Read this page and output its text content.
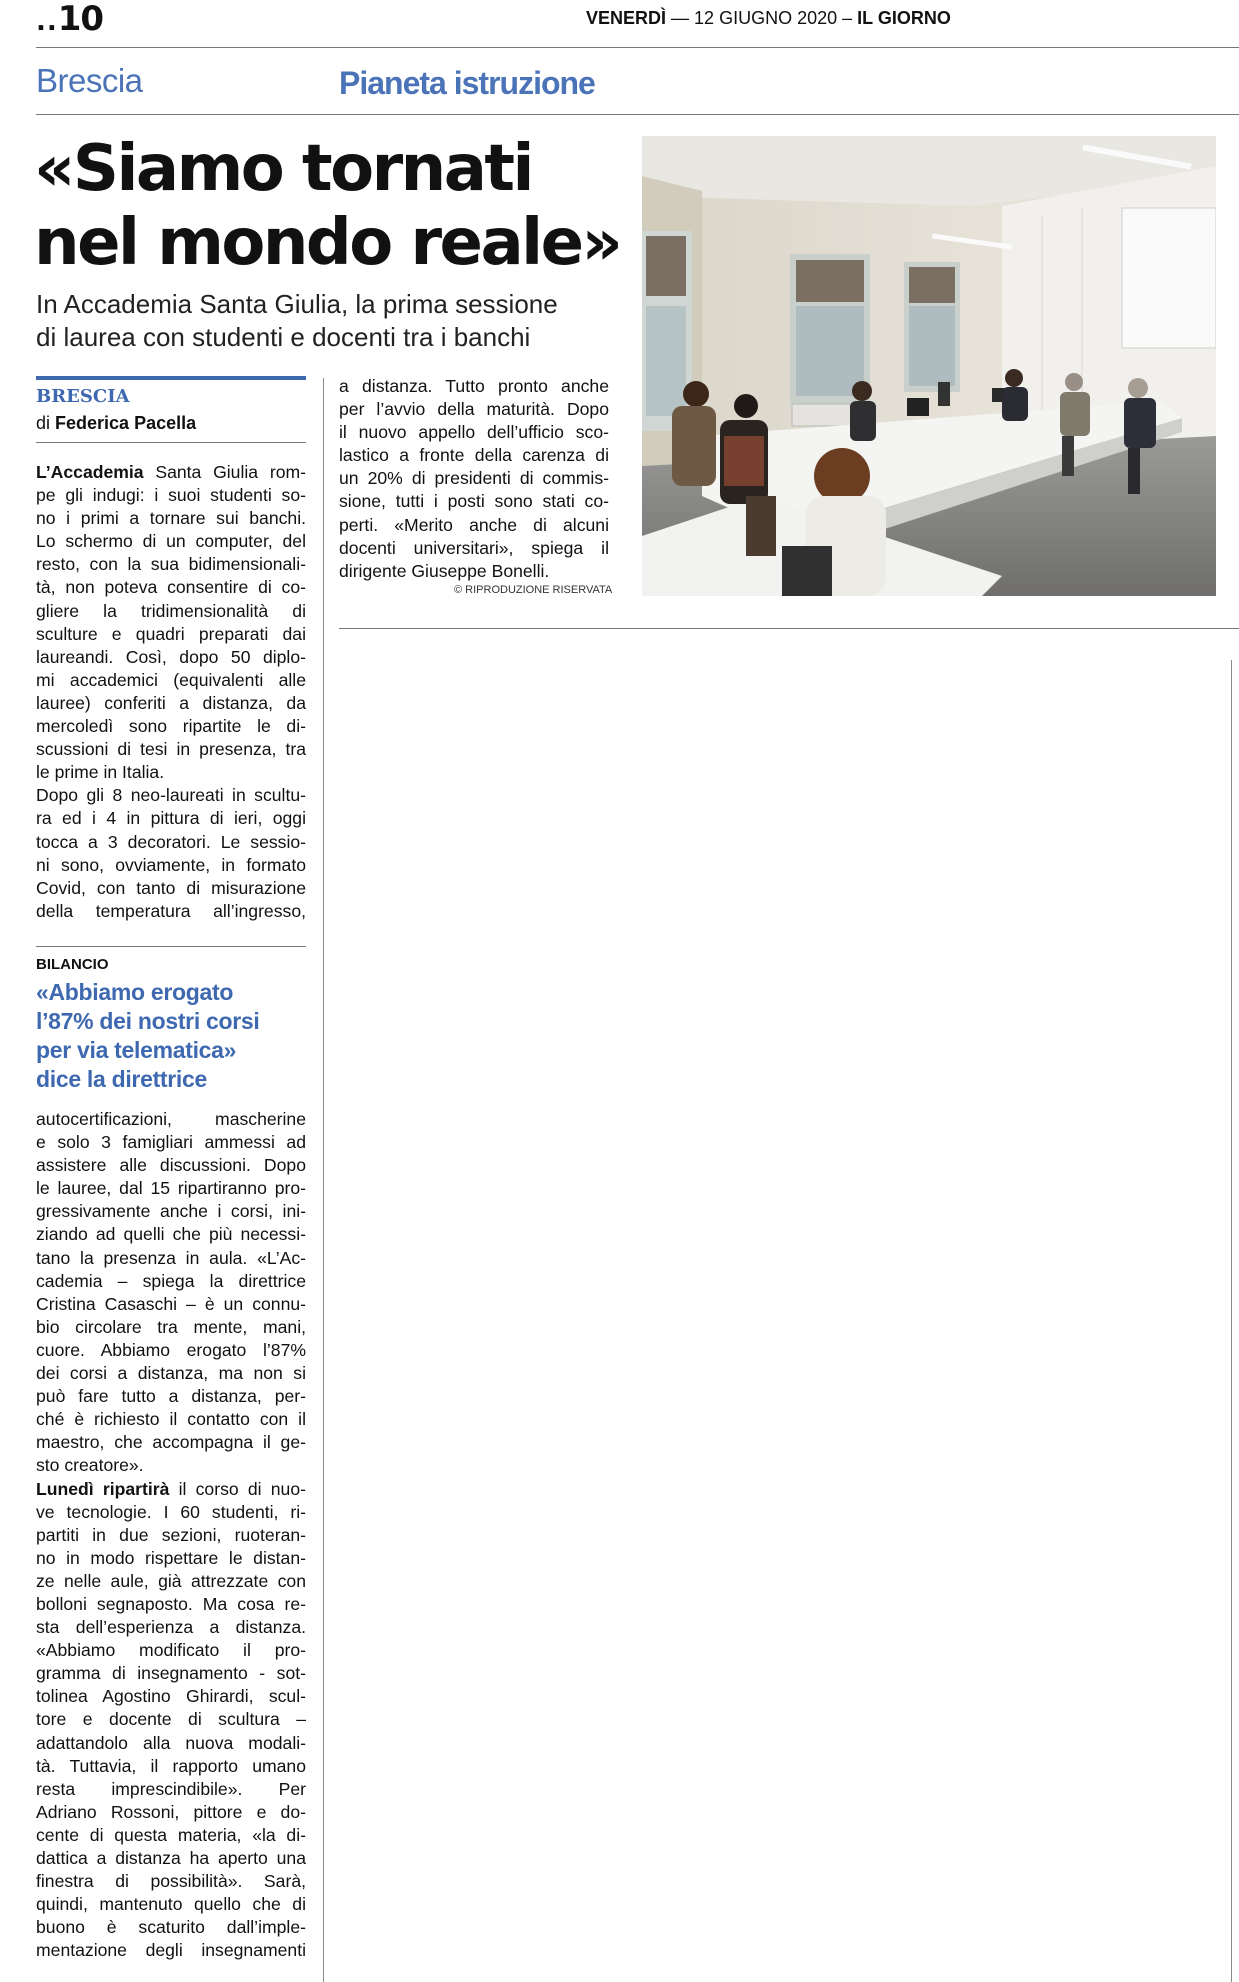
..10	VENERDÌ — 12 GIUGNO 2020 – IL GIORNO
Brescia	Pianeta istruzione
«Siamo tornati
nel mondo reale»
In Accademia Santa Giulia, la prima sessione
di laurea con studenti e docenti tra i banchi
BRESCIA
di Federica Pacella
L’Accademia Santa Giulia rom-
pe gli indugi: i suoi studenti so-
no i primi a tornare sui banchi.
Lo schermo di un computer, del
resto, con la sua bidimensionali-
tà, non poteva consentire di co-
gliere la tridimensionalità di
sculture e quadri preparati dai
laureandi. Così, dopo 50 diplo-
mi accademici (equivalenti alle
lauree) conferiti a distanza, da
mercoledì sono ripartite le di-
scussioni di tesi in presenza, tra
le prime in Italia.
Dopo gli 8 neo-laureati in scultu-
ra ed i 4 in pittura di ieri, oggi
tocca a 3 decoratori. Le sessio-
ni sono, ovviamente, in formato
Covid, con tanto di misurazione
della temperatura all’ingresso,
a distanza. Tutto pronto anche
per l’avvio della maturità. Dopo
il nuovo appello dell’ufficio sco-
lastico a fronte della carenza di
un 20% di presidenti di commis-
sione, tutti i posti sono stati co-
perti. «Merito anche di alcuni
docenti universitari», spiega il
dirigente Giuseppe Bonelli.
© RIPRODUZIONE RISERVATA
BILANCIO
«Abbiamo erogato
l’87% dei nostri corsi
per via telematica»
dice la direttrice
autocertificazioni, mascherine
e solo 3 famigliari ammessi ad
assistere alle discussioni. Dopo
le lauree, dal 15 ripartiranno pro-
gressivamente anche i corsi, ini-
ziando ad quelli che più necessi-
tano la presenza in aula. «L’Ac-
cademia – spiega la direttrice
Cristina Casaschi – è un connu-
bio circolare tra mente, mani,
cuore. Abbiamo erogato l’87%
dei corsi a distanza, ma non si
può fare tutto a distanza, per-
ché è richiesto il contatto con il
maestro, che accompagna il ge-
sto creatore».
Lunedì ripartirà il corso di nuo-
ve tecnologie. I 60 studenti, ri-
partiti in due sezioni, ruoteran-
no in modo rispettare le distan-
ze nelle aule, già attrezzate con
bolloni segnaposto. Ma cosa re-
sta dell’esperienza a distanza.
«Abbiamo modificato il pro-
gramma di insegnamento - sot-
tolinea Agostino Ghirardi, scul-
tore e docente di scultura –
adattandolo alla nuova modali-
tà. Tuttavia, il rapporto umano
resta imprescindibile». Per
Adriano Rossoni, pittore e do-
cente di questa materia, «la di-
dattica a distanza ha aperto una
finestra di possibilità». Sarà,
quindi, mantenuto quello che di
buono è scaturito dall’imple-
mentazione degli insegnamenti
